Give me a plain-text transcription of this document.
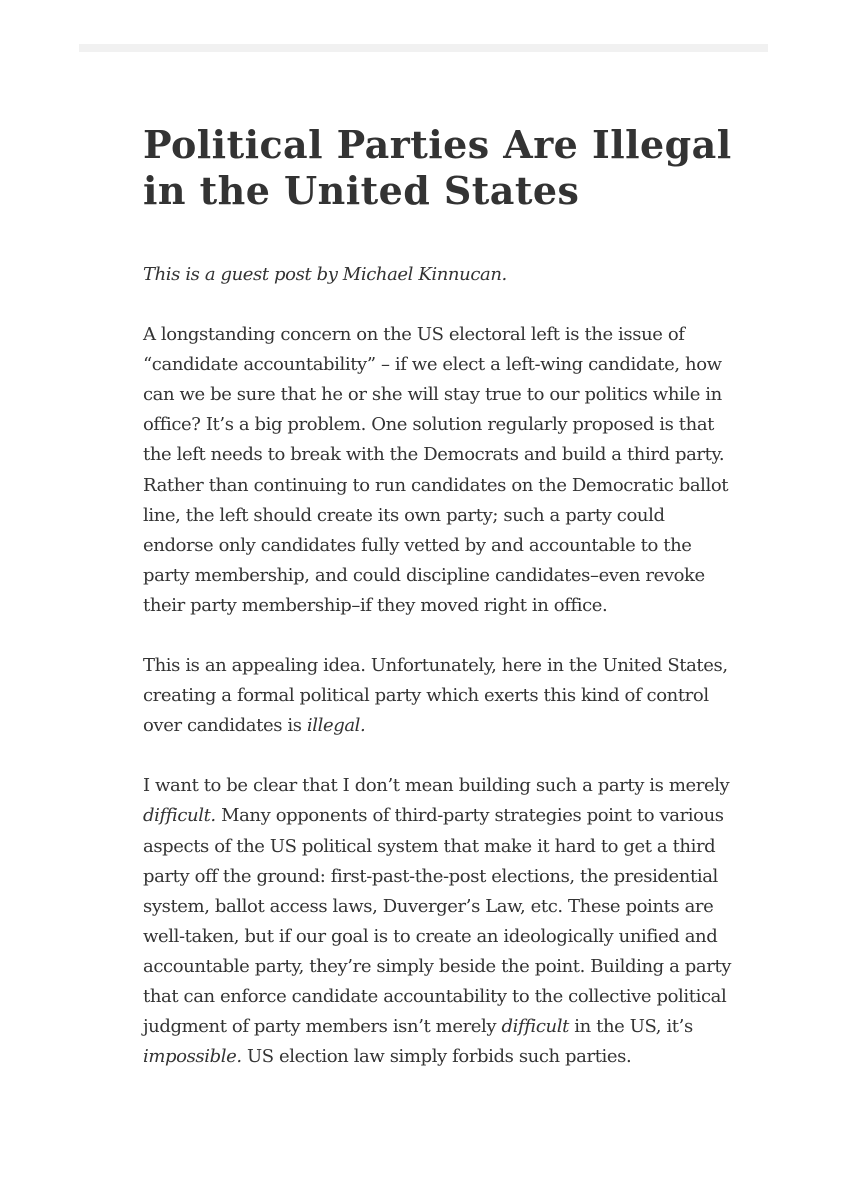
Political Parties Are Illegal in the United States

This is a guest post by Michael Kinnucan.

A longstanding concern on the US electoral left is the issue of “candidate accountability” – if we elect a left-wing candidate, how can we be sure that he or she will stay true to our politics while in office? It’s a big problem. One solution regularly proposed is that the left needs to break with the Democrats and build a third party. Rather than continuing to run candidates on the Democratic ballot line, the left should create its own party; such a party could endorse only candidates fully vetted by and accountable to the party membership, and could discipline candidates–even revoke their party membership–if they moved right in office.

This is an appealing idea. Unfortunately, here in the United States, creating a formal political party which exerts this kind of control over candidates is illegal.

I want to be clear that I don’t mean building such a party is merely difficult. Many opponents of third-party strategies point to various aspects of the US political system that make it hard to get a third party off the ground: first-past-the-post elections, the presidential system, ballot access laws, Duverger’s Law, etc. These points are well-taken, but if our goal is to create an ideologically unified and accountable party, they’re simply beside the point. Building a party that can enforce candidate accountability to the collective political judgment of party members isn’t merely difficult in the US, it’s impossible. US election law simply forbids such parties.
